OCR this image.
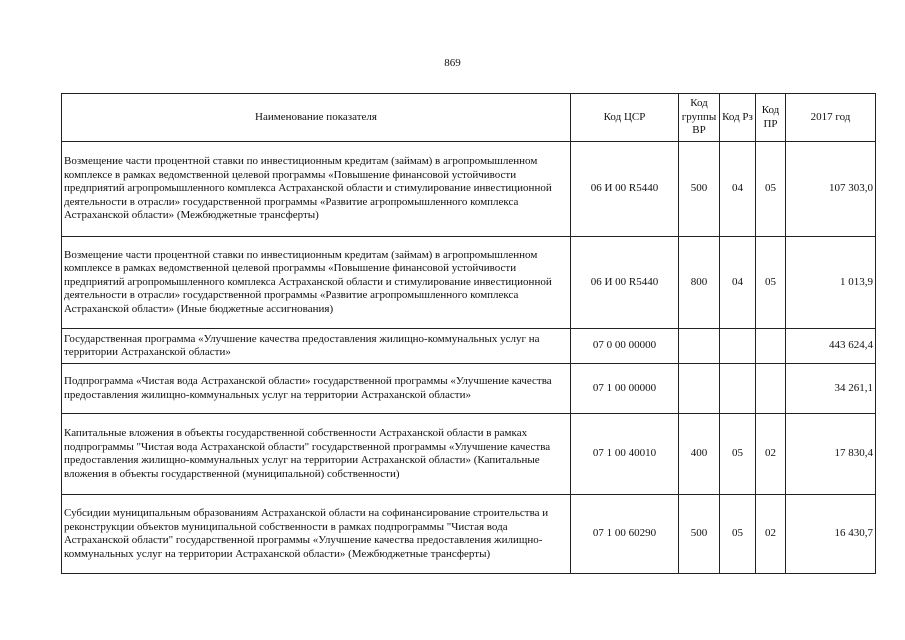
869
Наименование показателя	Код ЦСР	Код группы ВР	Код Рз	Код ПР	2017 год
Возмещение части процентной ставки по инвестиционным кредитам (займам) в агропромышленном комплексе в рамках ведомственной целевой программы «Повышение финансовой устойчивости предприятий агропромышленного комплекса Астраханской области и стимулирование инвестиционной деятельности в отрасли» государственной программы «Развитие агропромышленного комплекса Астраханской области» (Межбюджетные трансферты)	06 И 00 R5440	500	04	05	107 303,0
Возмещение части процентной ставки по инвестиционным кредитам (займам) в агропромышленном комплексе в рамках ведомственной целевой программы «Повышение финансовой устойчивости предприятий агропромышленного комплекса Астраханской области и стимулирование инвестиционной деятельности в отрасли» государственной программы «Развитие агропромышленного комплекса Астраханской области» (Иные бюджетные ассигнования)	06 И 00 R5440	800	04	05	1 013,9
Государственная программа «Улучшение качества предоставления жилищно-коммунальных услуг на территории Астраханской области»	07 0 00 00000				443 624,4
Подпрограмма «Чистая вода Астраханской области» государственной программы «Улучшение качества предоставления жилищно-коммунальных услуг на территории Астраханской области»	07 1 00 00000				34 261,1
Капитальные вложения в объекты государственной собственности Астраханской области в рамках подпрограммы "Чистая вода Астраханской области" государственной программы «Улучшение качества предоставления жилищно-коммунальных услуг на территории Астраханской области» (Капитальные вложения в объекты государственной (муниципальной) собственности)	07 1 00 40010	400	05	02	17 830,4
Субсидии муниципальным образованиям Астраханской области на софинансирование строительства и реконструкции объектов муниципальной собственности в рамках подпрограммы "Чистая вода Астраханской области" государственной программы «Улучшение качества предоставления жилищно-коммунальных услуг на территории Астраханской области» (Межбюджетные трансферты)	07 1 00 60290	500	05	02	16 430,7
